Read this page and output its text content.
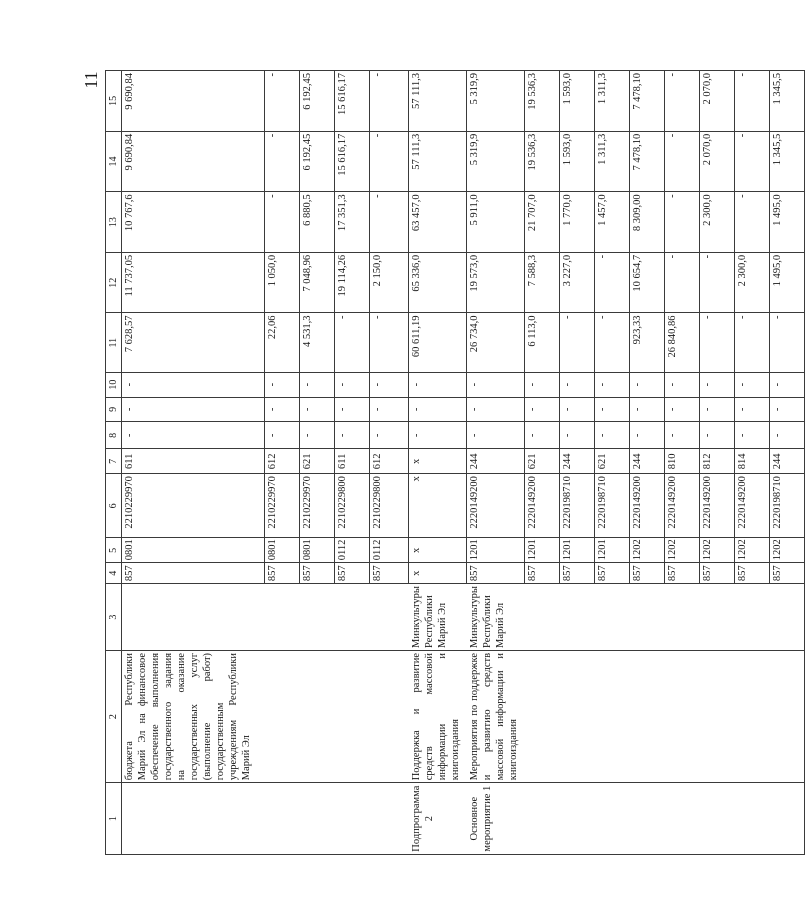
11
1	2	3	4	5	6	7	8	9	10	11	12	13	14	15
	бюджета Республики Марий Эл на финансовое обеспечение выполнения государственного задания на оказание государственных услуг (выполнение работ) государственным учреждениям Республики Марий Эл		857	0801	2210229970	611	-	-	-	7 628,57	11 737,05	10 767,6	9 690,84	9 690,84
			857	0801	2210229970	612	-	-	-	22,06	1 050,0	-	-	-
			857	0801	2210229970	621	-	-	-	4 531,3	7 048,96	6 880,5	6 192,45	6 192,45
			857	0112	2210229800	611	-	-	-	-	19 114,26	17 351,3	15 616,17	15 616,17
			857	0112	2210229800	612	-	-	-	-	2 150,0	-	-	-
Подпрограмма 2	Поддержка и развитие средств массовой информации и книгоиздания	Минкультуры Республики Марий Эл	x	x	x	x	-	-	-	60 611,19	65 336,0	63 457,0	57 111,3	57 111,3
Основное мероприятие 1	Мероприятия по поддержке и развитию средств массовой информации и книгоиздания	Минкультуры Республики Марий Эл	857	1201	2220149200	244	-	-	-	26 734,0	19 573,0	5 911,0	5 319,9	5 319,9
			857	1201	2220149200	621	-	-	-	6 113,0	7 588,3	21 707,0	19 536,3	19 536,3
			857	1201	2220198710	244	-	-	-	-	3 227,0	1 770,0	1 593,0	1 593,0
			857	1201	2220198710	621	-	-	-	-	-	1 457,0	1 311,3	1 311,3
			857	1202	2220149200	244	-	-	-	923,33	10 654,7	8 309,00	7 478,10	7 478,10
			857	1202	2220149200	810	-	-	-	26 840,86	-	-	-	-
			857	1202	2220149200	812	-	-	-	-	-	2 300,0	2 070,0	2 070,0
			857	1202	2220149200	814	-	-	-	-	2 300,0	-	-	-
			857	1202	2220198710	244	-	-	-	-	1 495,0	1 495,0	1 345,5	1 345,5
